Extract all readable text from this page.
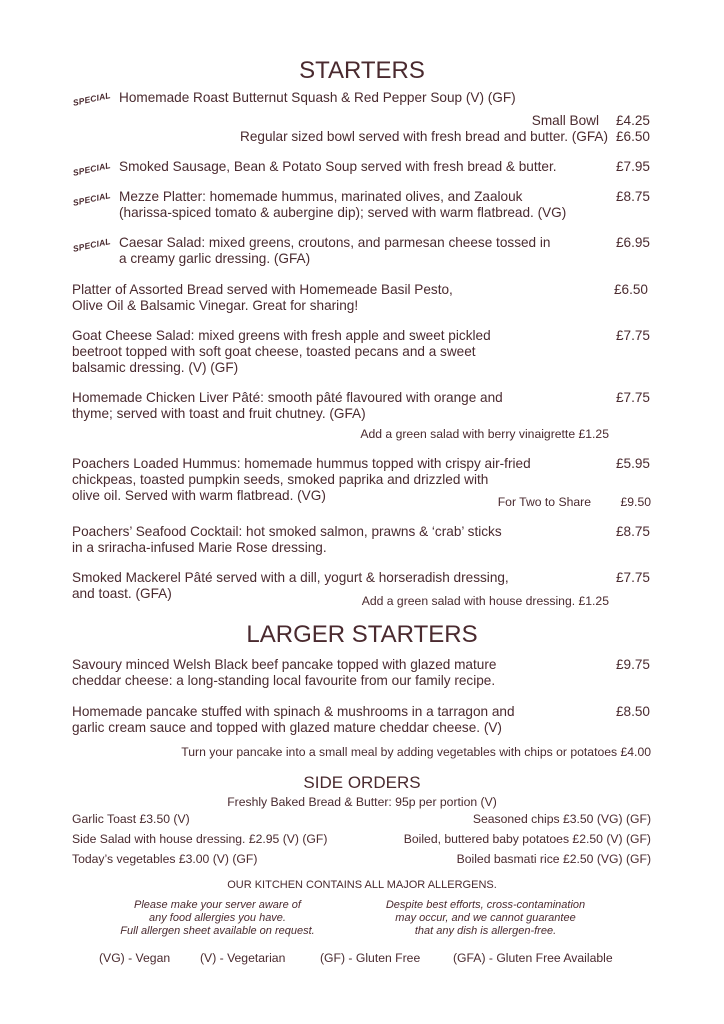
STARTERS
SPECIAL Homemade Roast Butternut Squash & Red Pepper Soup (V) (GF)
Small Bowl	£4.25
Regular sized bowl served with fresh bread and butter. (GFA) £6.50
SPECIAL Smoked Sausage, Bean & Potato Soup served with fresh bread & butter.	£7.95
SPECIAL Mezze Platter: homemade hummus, marinated olives, and Zaalouk
(harissa-spiced tomato & aubergine dip); served with warm flatbread. (VG)
£8.75
SPECIAL Caesar Salad: mixed greens, croutons, and parmesan cheese tossed in
a creamy garlic dressing. (GFA)
£6.95
Platter of Assorted Bread served with Homemeade Basil Pesto,
Olive Oil & Balsamic Vinegar. Great for sharing!
£6.50
Goat Cheese Salad: mixed greens with fresh apple and sweet pickled
beetroot topped with soft goat cheese, toasted pecans and a sweet
balsamic dressing. (V) (GF)
£7.75
Homemade Chicken Liver Pâté: smooth pâté flavoured with orange and
thyme; served with toast and fruit chutney. (GFA)
Add a green salad with berry vinaigrette £1.25
£7.75
Poachers Loaded Hummus: homemade hummus topped with crispy air-fried
chickpeas, toasted pumpkin seeds, smoked paprika and drizzled with
olive oil. Served with warm flatbread. (VG)
£5.95
For Two to Share £9.50
Poachers’ Seafood Cocktail: hot smoked salmon, prawns & ‘crab’ sticks
in a sriracha-infused Marie Rose dressing.
£8.75
Smoked Mackerel Pâté served with a dill, yogurt & horseradish dressing,
and toast. (GFA)	Add a green salad with house dressing. £1.25
£7.75
LARGER STARTERS
Savoury minced Welsh Black beef pancake topped with glazed mature
cheddar cheese: a long-standing local favourite from our family recipe.
£9.75
Homemade pancake stuffed with spinach & mushrooms in a tarragon and
garlic cream sauce and topped with glazed mature cheddar cheese. (V)
£8.50
Turn your pancake into a small meal by adding vegetables with chips or potatoes £4.00
SIDE ORDERS
Freshly Baked Bread & Butter: 95p per portion (V)
Garlic Toast £3.50 (V)
Side Salad with house dressing. £2.95 (V) (GF)
Today’s vegetables £3.00 (V) (GF)
Seasoned chips £3.50 (VG) (GF)
Boiled, buttered baby potatoes £2.50 (V) (GF)
Boiled basmati rice £2.50 (VG) (GF)
OUR KITCHEN CONTAINS ALL MAJOR ALLERGENS.
Please make your server aware of
any food allergies you have.
Full allergen sheet available on request.
Despite best efforts, cross-contamination
may occur, and we cannot guarantee
that any dish is allergen-free.
(VG) - Vegan (V) - Vegetarian	(GF) - Gluten Free	(GFA) - Gluten Free Available
